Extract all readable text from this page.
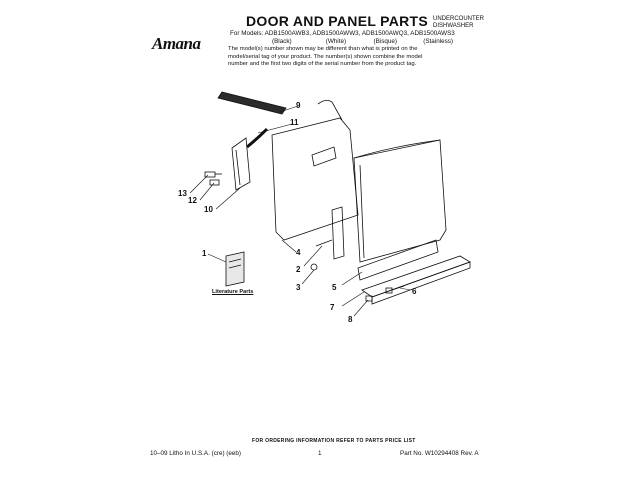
Amana
DOOR AND PANEL PARTS UNDERCOUNTER
DISHWASHER
For Models: ADB1500AWB3, ADB1500AWW3, ADB1500AWQ3, ADB1500AWS3
(Black)	(White)	(Bisque)	(Stainless)
The model(s) number shown may be different than what is printed on the model/serial tag of your product. The number(s) shown combine the model number and the first two digits of the serial number from the product tag.
1
2
3
4
5	6
7
8
9
10
11
12
13
Literature Parts
FOR ORDERING INFORMATION REFER TO PARTS PRICE LIST
10–09 Litho In U.S.A. (cre) (eeb)	1	Part No. W10294408 Rev. A
